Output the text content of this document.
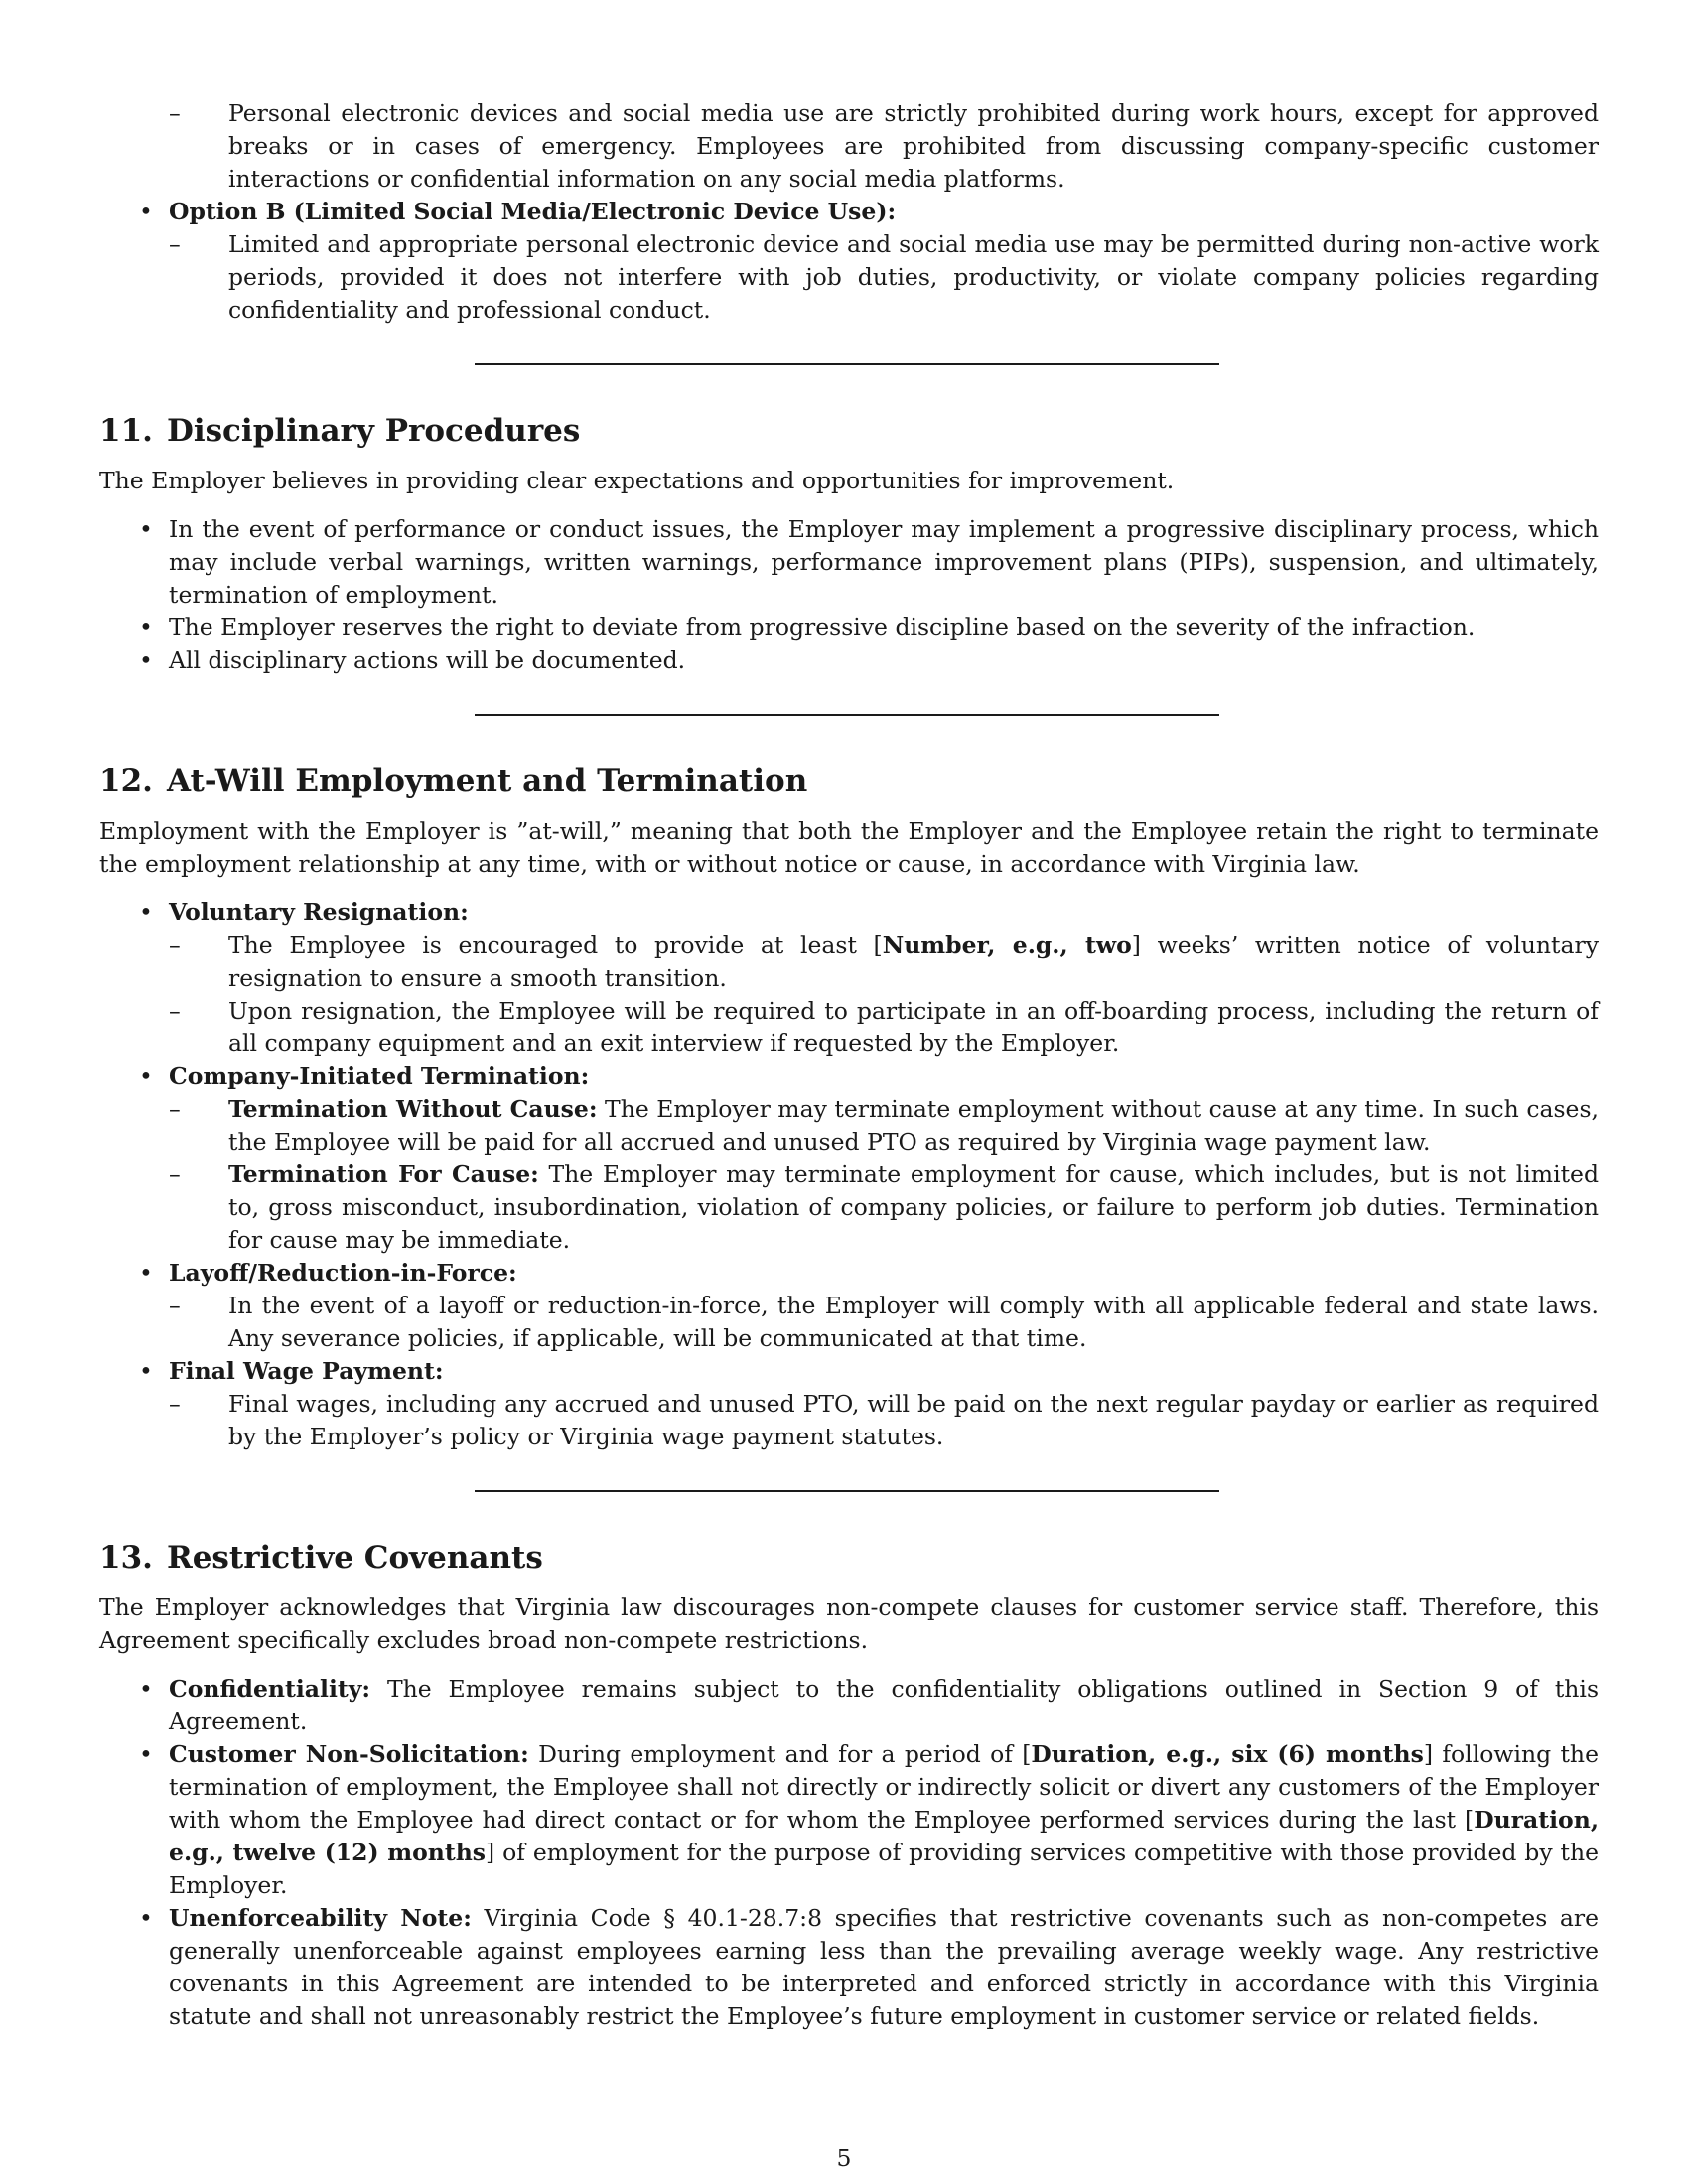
– Personal electronic devices and social media use are strictly prohibited during work hours, except for approved breaks or in cases of emergency. Employees are prohibited from discussing company-specific customer interactions or confidential information on any social media platforms.
• Option B (Limited Social Media/Electronic Device Use):
– Limited and appropriate personal electronic device and social media use may be permitted during non-active work periods, provided it does not interfere with job duties, productivity, or violate company policies regarding confidentiality and professional conduct.
11. Disciplinary Procedures

The Employer believes in providing clear expectations and opportunities for improvement.

• In the event of performance or conduct issues, the Employer may implement a progressive disciplinary process, which may include verbal warnings, written warnings, performance improvement plans (PIPs), suspension, and ultimately, termination of employment.
• The Employer reserves the right to deviate from progressive discipline based on the severity of the infraction.
• All disciplinary actions will be documented.
12. At-Will Employment and Termination

Employment with the Employer is ”at-will,” meaning that both the Employer and the Employee retain the right to terminate the employment relationship at any time, with or without notice or cause, in accordance with Virginia law.

• Voluntary Resignation:
– The Employee is encouraged to provide at least [Number, e.g., two] weeks’ written notice of voluntary resignation to ensure a smooth transition.
– Upon resignation, the Employee will be required to participate in an off-boarding process, including the return of all company equipment and an exit interview if requested by the Employer.
• Company-Initiated Termination:
– Termination Without Cause: The Employer may terminate employment without cause at any time. In such cases, the Employee will be paid for all accrued and unused PTO as required by Virginia wage payment law.
– Termination For Cause: The Employer may terminate employment for cause, which includes, but is not limited to, gross misconduct, insubordination, violation of company policies, or failure to perform job duties. Termination for cause may be immediate.
• Layoff/Reduction-in-Force:
– In the event of a layoff or reduction-in-force, the Employer will comply with all applicable federal and state laws. Any severance policies, if applicable, will be communicated at that time.
• Final Wage Payment:
– Final wages, including any accrued and unused PTO, will be paid on the next regular payday or earlier as required by the Employer’s policy or Virginia wage payment statutes.
13. Restrictive Covenants

The Employer acknowledges that Virginia law discourages non-compete clauses for customer service staff. Therefore, this Agreement specifically excludes broad non-compete restrictions.

• Confidentiality: The Employee remains subject to the confidentiality obligations outlined in Section 9 of this Agreement.
• Customer Non-Solicitation: During employment and for a period of [Duration, e.g., six (6) months] following the termination of employment, the Employee shall not directly or indirectly solicit or divert any customers of the Employer with whom the Employee had direct contact or for whom the Employee performed services during the last [Duration, e.g., twelve (12) months] of employment for the purpose of providing services competitive with those provided by the Employer.
• Unenforceability Note: Virginia Code § 40.1-28.7:8 specifies that restrictive covenants such as non-competes are generally unenforceable against employees earning less than the prevailing average weekly wage. Any restrictive covenants in this Agreement are intended to be interpreted and enforced strictly in accordance with this Virginia statute and shall not unreasonably restrict the Employee’s future employment in customer service or related fields.
5
